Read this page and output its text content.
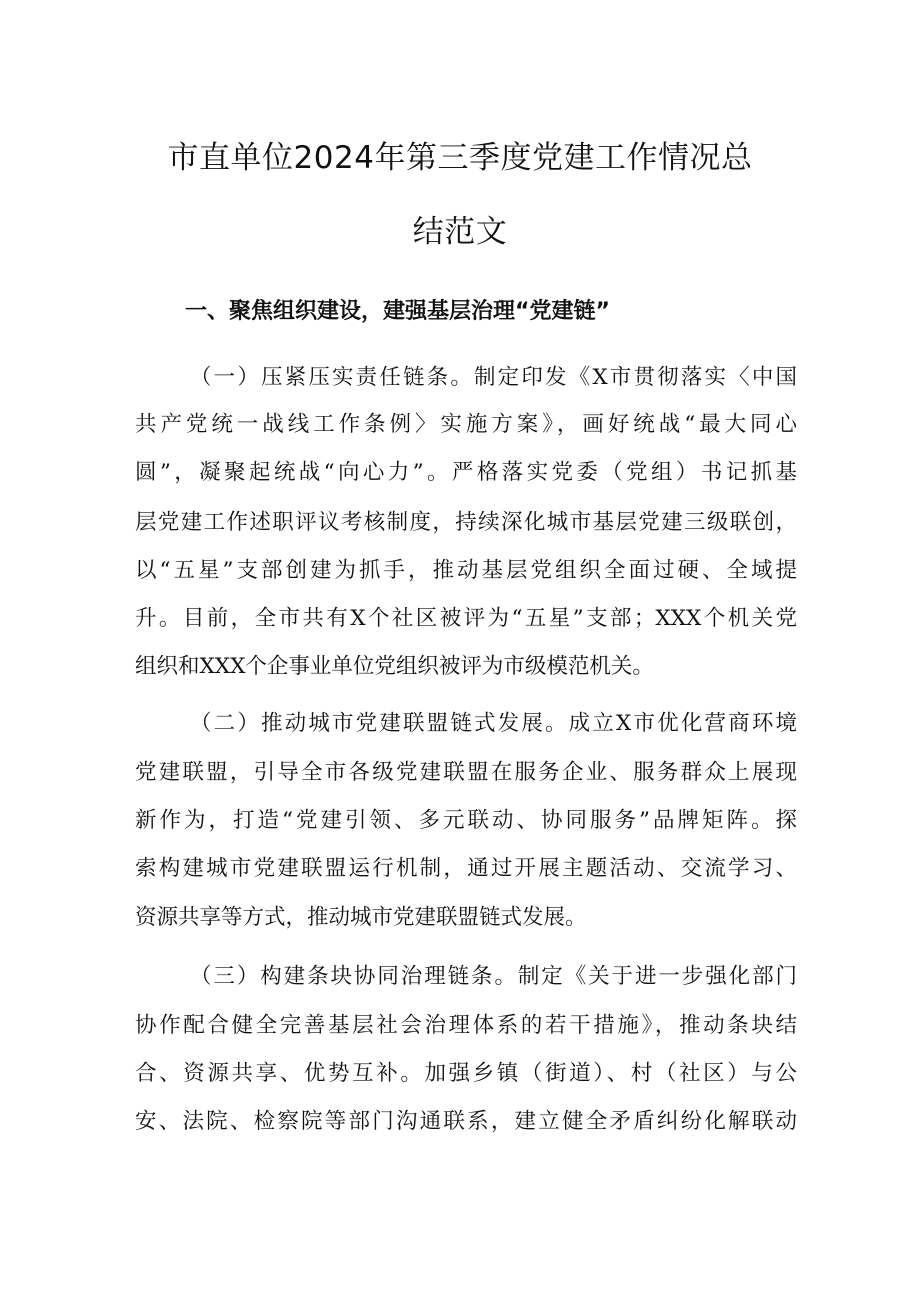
市直单位2024年第三季度党建工作情况总
结范文
一、聚焦组织建设，建强基层治理“党建链”
（一）压紧压实责任链条。制定印发《X市贯彻落实〈中国
共产党统一战线工作条例〉实施方案》，画好统战“最大同心
圆”，凝聚起统战“向心力”。严格落实党委（党组）书记抓基
层党建工作述职评议考核制度，持续深化城市基层党建三级联创，
以“五星”支部创建为抓手，推动基层党组织全面过硬、全域提
升。目前，全市共有X个社区被评为“五星”支部；XXX个机关党
组织和XXX个企事业单位党组织被评为市级模范机关。
（二）推动城市党建联盟链式发展。成立X市优化营商环境
党建联盟，引导全市各级党建联盟在服务企业、服务群众上展现
新作为，打造“党建引领、多元联动、协同服务”品牌矩阵。探
索构建城市党建联盟运行机制，通过开展主题活动、交流学习、
资源共享等方式，推动城市党建联盟链式发展。
（三）构建条块协同治理链条。制定《关于进一步强化部门
协作配合健全完善基层社会治理体系的若干措施》，推动条块结
合、资源共享、优势互补。加强乡镇（街道）、村（社区）与公
安、法院、检察院等部门沟通联系，建立健全矛盾纠纷化解联动
